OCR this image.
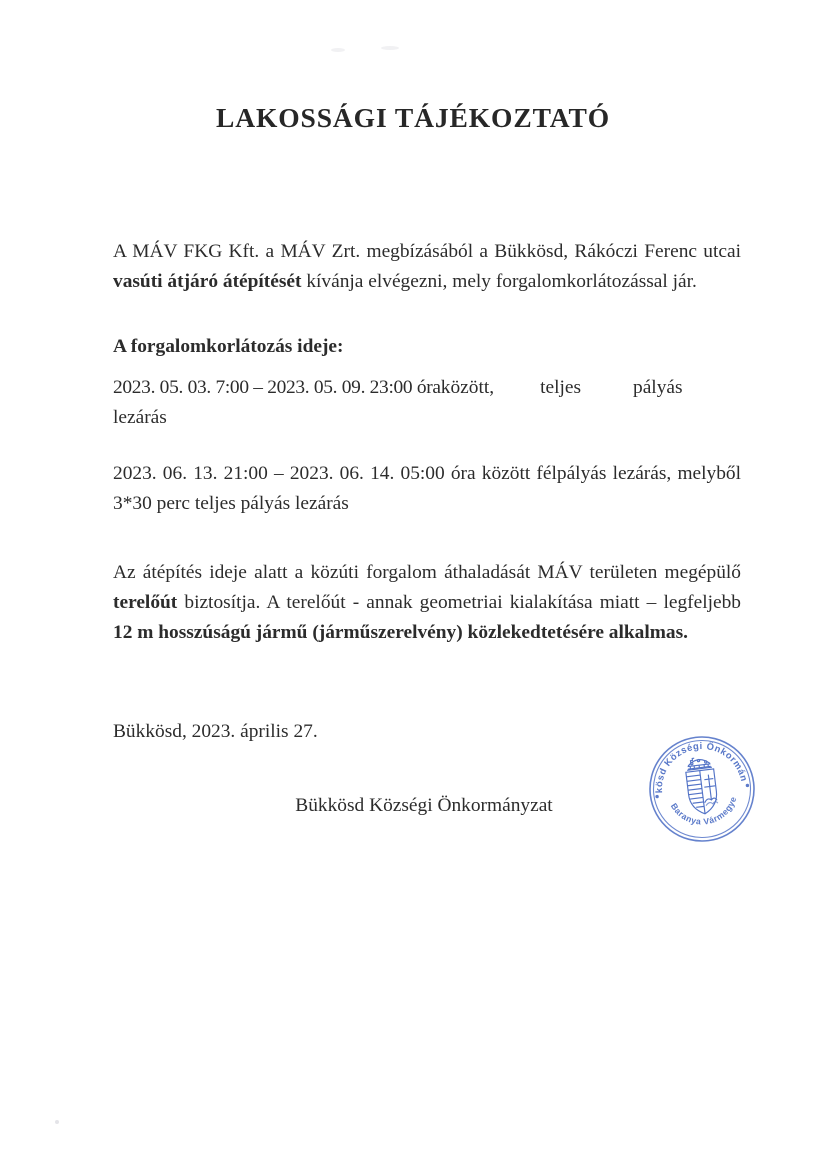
LAKOSSÁGI TÁJÉKOZTATÓ

A MÁV FKG Kft. a MÁV Zrt. megbízásából a Bükkösd, Rákóczi Ferenc utcai vasúti átjáró átépítését kívánja elvégezni, mely forgalomkorlátozással jár.

A forgalomkorlátozás ideje:

2023. 05. 03. 7:00 – 2023. 05. 09. 23:00 óraközött, teljes	pályás
lezárás

2023. 06. 13. 21:00 – 2023. 06. 14. 05:00 óra között félpályás lezárás, melyből 3*30 perc teljes pályás lezárás

Az átépítés ideje alatt a közúti forgalom áthaladását MÁV területen megépülő terelőút biztosítja. A terelőút - annak geometriai kialakítása miatt – legfeljebb 12 m hosszúságú jármű (járműszerelvény) közlekedtetésére alkalmas.

Bükkösd, 2023. április 27.

Bükkösd Községi Önkormányzat
Bükkösd Községi Önkormányzat
Baranya Vármegye
